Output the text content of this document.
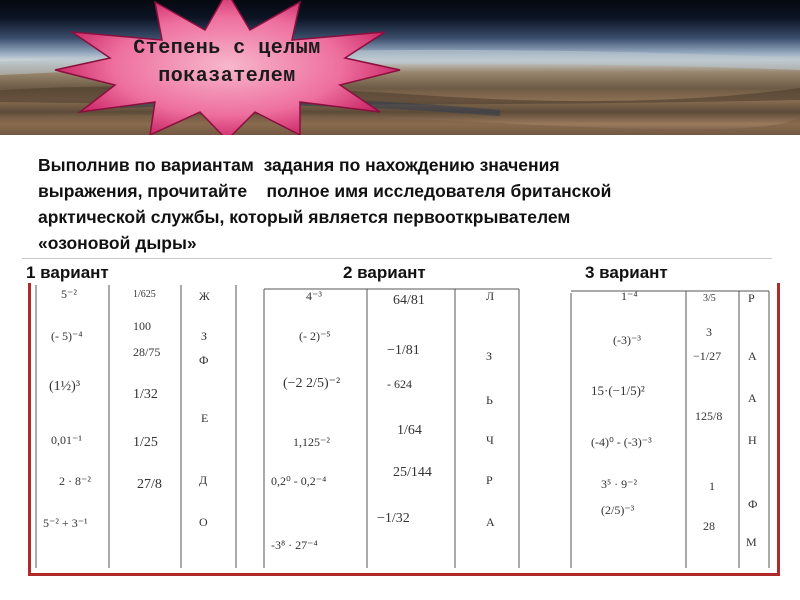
Степень с целым
показателем
Выполнив по вариантам  задания по нахождению значения
выражения, прочитайте    полное имя исследователя британской
арктической службы, который является первооткрывателем
«озоновой дыры»
1 вариант	2 вариант	3 вариант
5⁻²
(- 5)⁻⁴
(1½)³
0,01⁻¹
2 · 8⁻²
5⁻² + 3⁻¹
1/625
100
28/75
1/32
1/25
27/8
Ж
З
Ф
Е
Д
О
4⁻³
(- 2)⁻⁵
(−2 2/5)⁻²
1,125⁻²
0,2⁰ - 0,2⁻⁴
-3⁸ · 27⁻⁴
64/81
−1/81
- 624
1/64
25/144
−1/32
Л
З
Ь
Ч
Р
А
1⁻⁴
(-3)⁻³
15·(−1/5)²
(-4)⁰ - (-3)⁻³
3⁵ · 9⁻²
(2/5)⁻³
3/5
3
−1/27
125/8
1
28
Р
А
А
Н
Ф
М
